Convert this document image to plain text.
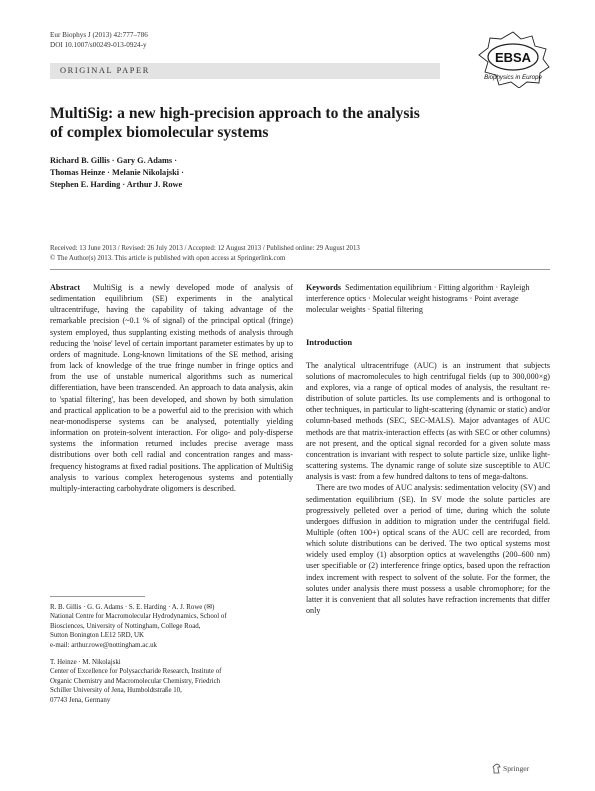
Eur Biophys J (2013) 42:777–786
DOI 10.1007/s00249-013-0924-y
EBSA
Biophysics in Europe
ORIGINAL PAPER
MultiSig: a new high-precision approach to the analysis
of complex biomolecular systems
Richard B. Gillis · Gary G. Adams ·
Thomas Heinze · Melanie Nikolajski ·
Stephen E. Harding · Arthur J. Rowe
Received: 13 June 2013 / Revised: 26 July 2013 / Accepted: 12 August 2013 / Published online: 29 August 2013
© The Author(s) 2013. This article is published with open access at Springerlink.com

Abstract MultiSig is a newly developed mode of analysis of sedimentation equilibrium (SE) experiments in the analytical ultracentrifuge, having the capability of taking advantage of the remarkable precision (~0.1 % of signal) of the principal optical (fringe) system employed, thus supplanting existing methods of analysis through reducing the 'noise' level of certain important parameter estimates by up to orders of magnitude. Long-known limitations of the SE method, arising from lack of knowledge of the true fringe number in fringe optics and from the use of unstable numerical algorithms such as numerical differentiation, have been transcended. An approach to data analysis, akin to 'spatial filtering', has been developed, and shown by both simulation and practical application to be a powerful aid to the precision with which near-monodisperse systems can be analysed, potentially yielding information on protein-solvent interaction. For oligo- and poly-disperse systems the information returned includes precise average mass distributions over both cell radial and concentration ranges and mass-frequency histograms at fixed radial positions. The application of MultiSig analysis to various complex heterogenous systems and potentially multiply-interacting carbohydrate oligomers is described.

R. B. Gillis · G. G. Adams · S. E. Harding · A. J. Rowe (✉)

National Centre for Macromolecular Hydrodynamics, School of

Biosciences, University of Nottingham, College Road,

Sutton Bonington LE12 5RD, UK

e-mail: arthur.rowe@nottingham.ac.uk

T. Heinze · M. Nikolajski

Center of Excellence for Polysaccharide Research, Institute of

Organic Chemistry and Macromolecular Chemistry, Friedrich

Schiller University of Jena, Humboldtstraße 10,

07743 Jena, Germany

Keywords Sedimentation equilibrium · Fitting algorithm · Rayleigh interference optics · Molecular weight histograms · Point average molecular weights · Spatial filtering

Introduction

The analytical ultracentrifuge (AUC) is an instrument that subjects solutions of macromolecules to high centrifugal fields (up to 300,000×g) and explores, via a range of optical modes of analysis, the resultant re-distribution of solute particles. Its use complements and is orthogonal to other techniques, in particular to light-scattering (dynamic or static) and/or column-based methods (SEC, SEC-MALS). Major advantages of AUC methods are that matrix-interaction effects (as with SEC or other columns) are not present, and the optical signal recorded for a given solute mass concentration is invariant with respect to solute particle size, unlike light-scattering systems. The dynamic range of solute size susceptible to AUC analysis is vast: from a few hundred daltons to tens of mega-daltons.

There are two modes of AUC analysis: sedimentation velocity (SV) and sedimentation equilibrium (SE). In SV mode the solute particles are progressively pelleted over a period of time, during which the solute undergoes diffusion in addition to migration under the centrifugal field. Multiple (often 100+) optical scans of the AUC cell are recorded, from which solute distributions can be derived. The two optical systems most widely used employ (1) absorption optics at wavelengths (200–600 nm) user specifiable or (2) interference fringe optics, based upon the refraction index increment with respect to solvent of the solute. For the former, the solutes under analysis there must possess a usable chromophore; for the latter it is convenient that all solutes have refraction increments that differ only

Springer
